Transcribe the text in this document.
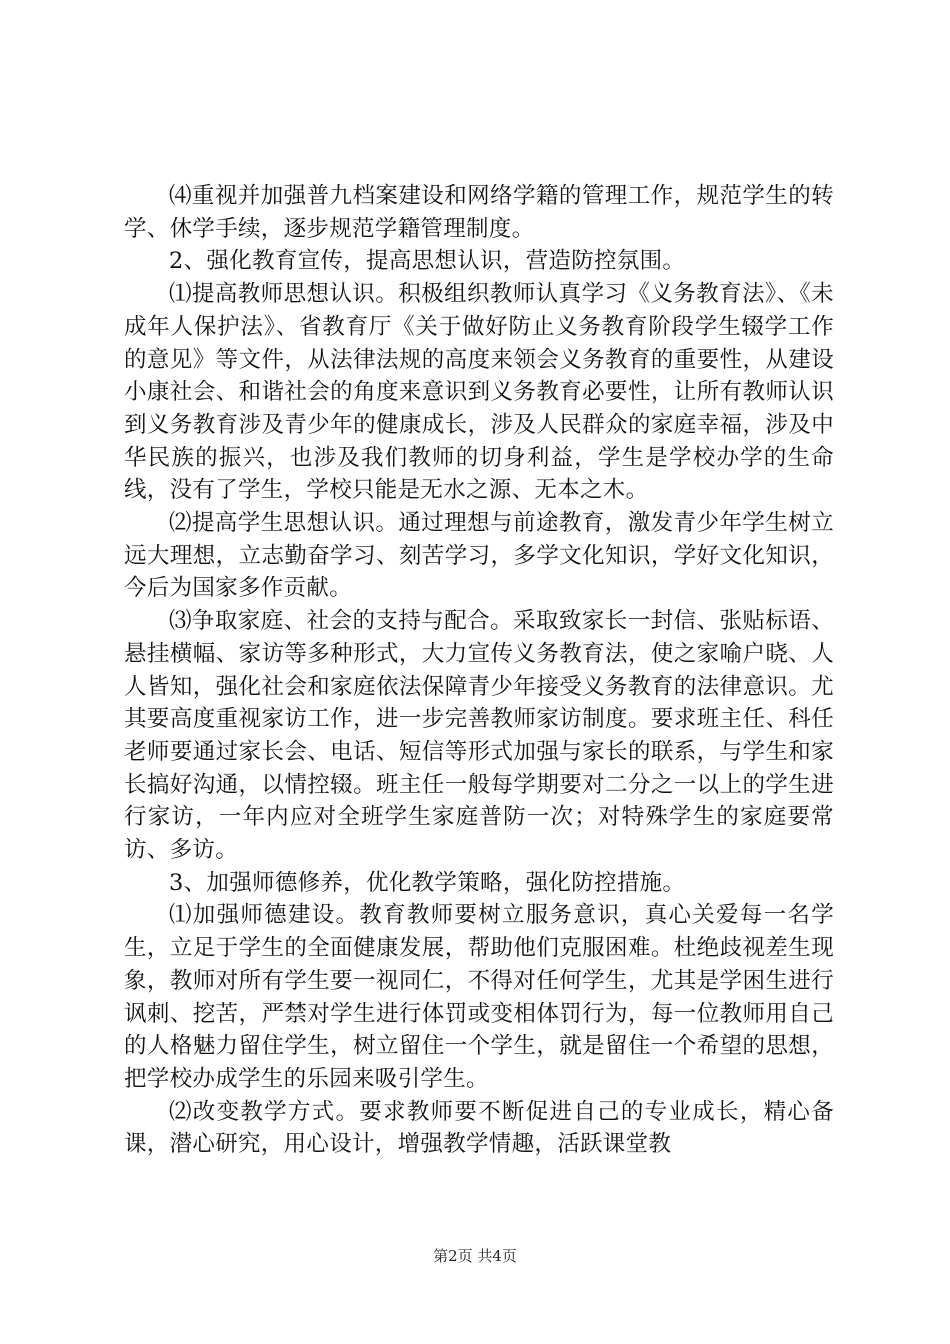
⑷重视并加强普九档案建设和网络学籍的管理工作，规范学生的转学、休学手续，逐步规范学籍管理制度。

2、强化教育宣传，提高思想认识，营造防控氛围。

⑴提高教师思想认识。积极组织教师认真学习《义务教育法》、《未成年人保护法》、省教育厅《关于做好防止义务教育阶段学生辍学工作的意见》等文件，从法律法规的高度来领会义务教育的重要性，从建设小康社会、和谐社会的角度来意识到义务教育必要性，让所有教师认识到义务教育涉及青少年的健康成长，涉及人民群众的家庭幸福，涉及中华民族的振兴，也涉及我们教师的切身利益，学生是学校办学的生命线，没有了学生，学校只能是无水之源、无本之木。

⑵提高学生思想认识。通过理想与前途教育，激发青少年学生树立远大理想，立志勤奋学习、刻苦学习，多学文化知识，学好文化知识，今后为国家多作贡献。

⑶争取家庭、社会的支持与配合。采取致家长一封信、张贴标语、悬挂横幅、家访等多种形式，大力宣传义务教育法，使之家喻户晓、人人皆知，强化社会和家庭依法保障青少年接受义务教育的法律意识。尤其要高度重视家访工作，进一步完善教师家访制度。要求班主任、科任老师要通过家长会、电话、短信等形式加强与家长的联系，与学生和家长搞好沟通，以情控辍。班主任一般每学期要对二分之一以上的学生进行家访，一年内应对全班学生家庭普防一次；对特殊学生的家庭要常访、多访。

3、加强师德修养，优化教学策略，强化防控措施。

⑴加强师德建设。教育教师要树立服务意识，真心关爱每一名学生，立足于学生的全面健康发展，帮助他们克服困难。杜绝歧视差生现象，教师对所有学生要一视同仁，不得对任何学生，尤其是学困生进行讽刺、挖苦，严禁对学生进行体罚或变相体罚行为，每一位教师用自己的人格魅力留住学生，树立留住一个学生，就是留住一个希望的思想，把学校办成学生的乐园来吸引学生。

⑵改变教学方式。要求教师要不断促进自己的专业成长，精心备课，潜心研究，用心设计，增强教学情趣，活跃课堂教

第2页 共4页
